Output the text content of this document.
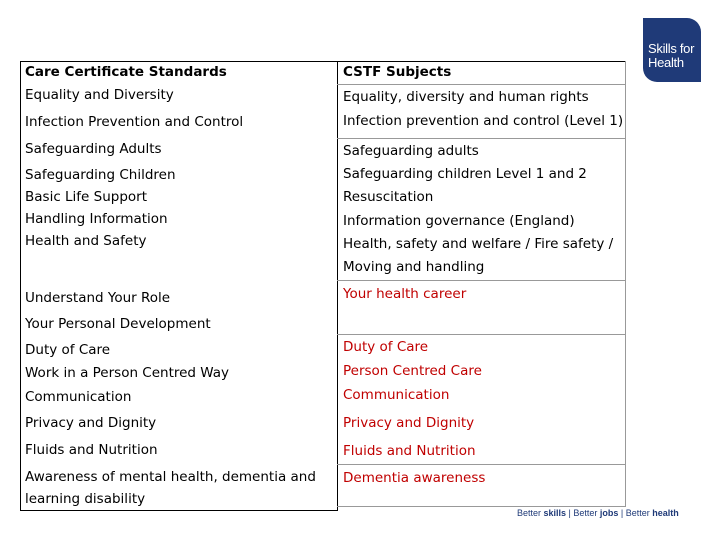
Skills for
Health
Care Certificate Standards	CSTF Subjects
Equality and Diversity
Infection Prevention and Control
Safeguarding Adults
Safeguarding Children
Basic Life Support
Handling Information
Health and Safety
Understand Your Role
Your Personal Development
Duty of Care
Work in a Person Centred Way
Communication
Privacy and Dignity
Fluids and Nutrition
Awareness of mental health, dementia and
learning disability
Equality, diversity and human rights
Infection prevention and control (Level 1)
Safeguarding adults
Safeguarding children Level 1 and 2
Resuscitation
Information governance (England)
Health, safety and welfare / Fire safety /
Moving and handling
Your health career
Duty of Care
Person Centred Care
Communication
Privacy and Dignity
Fluids and Nutrition
Dementia awareness
Better skills | Better jobs | Better health
